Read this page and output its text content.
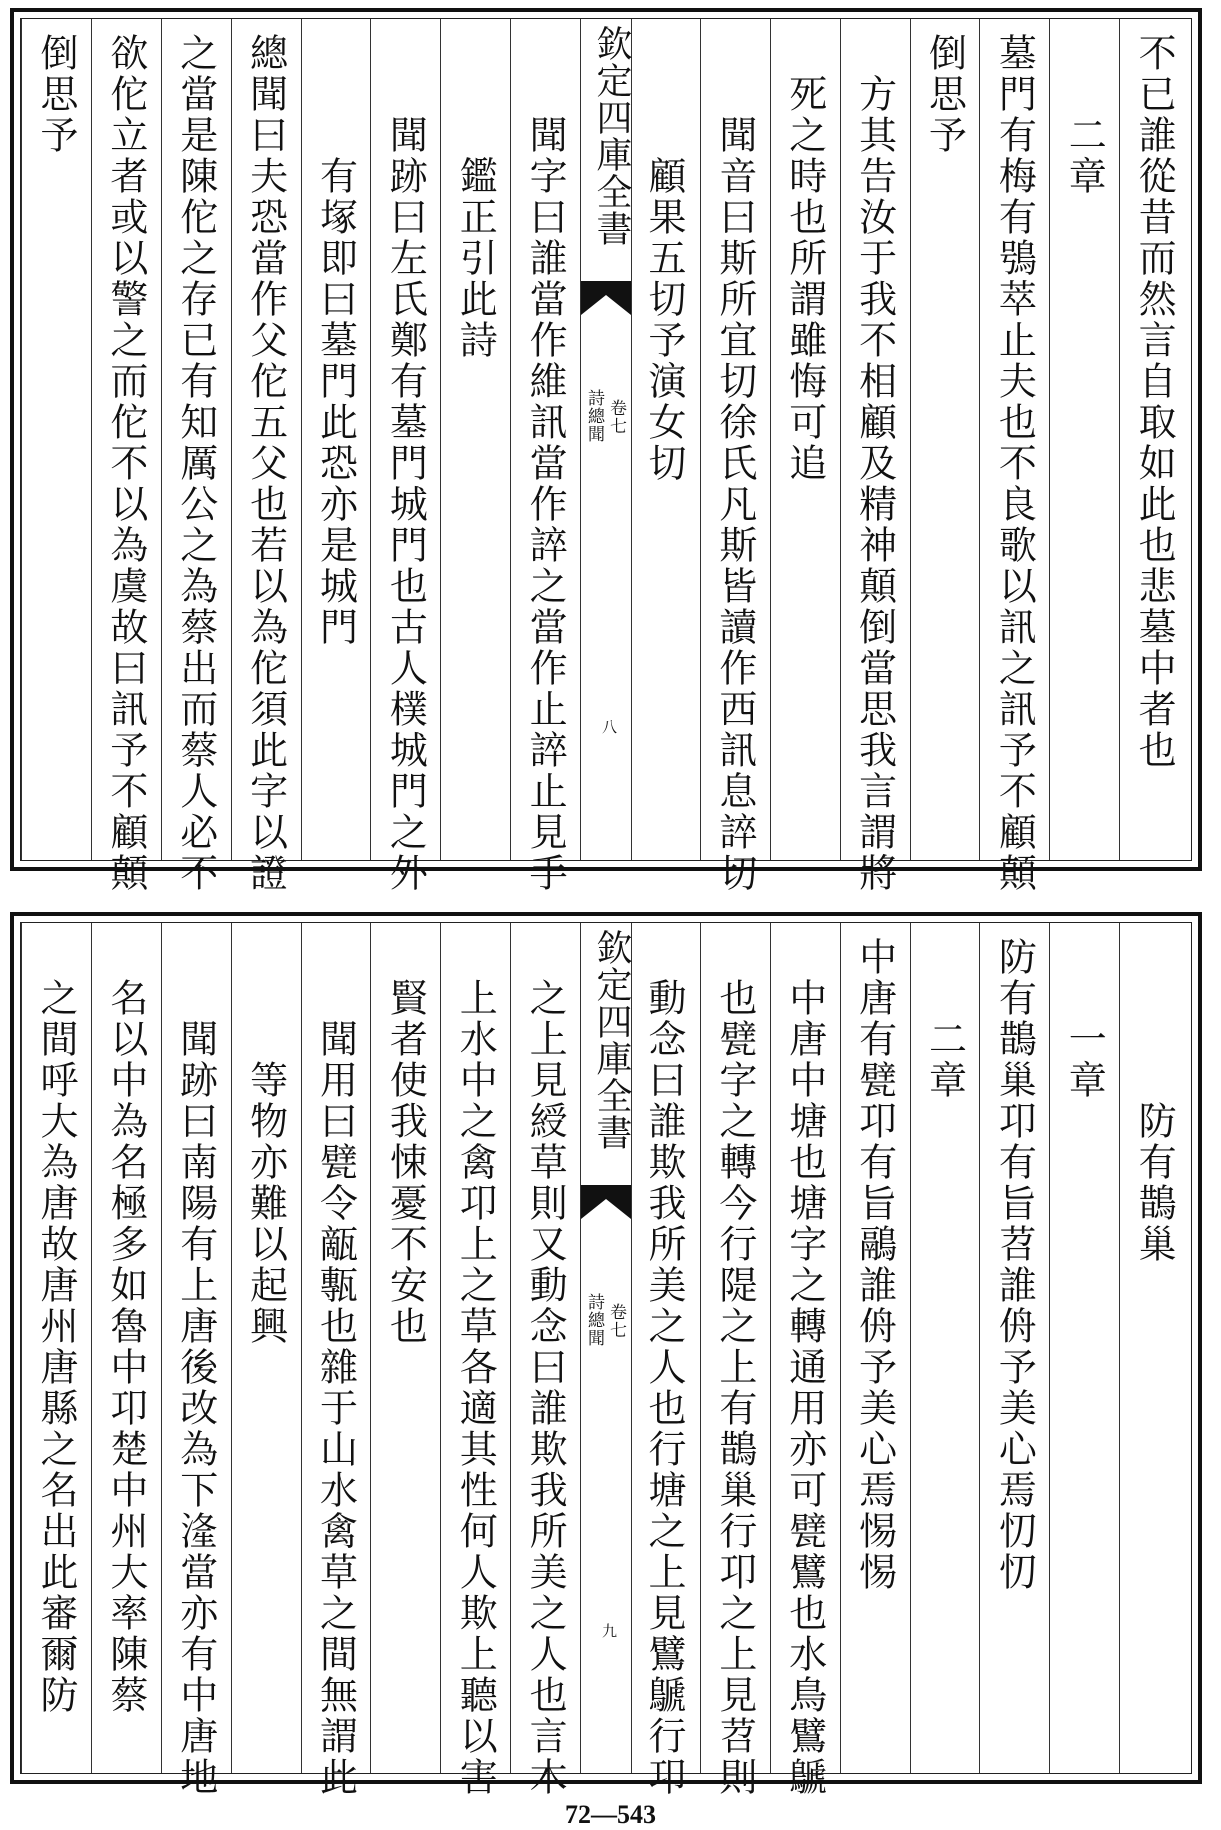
欽定四庫全書
詩總聞 卷七
八	不已誰從昔而然言自取如此也悲墓中者也
二章
墓門有梅有鴞萃止夫也不良歌以訊之訊予不顧顛
倒思予
方其告汝于我不相顧及精神顛倒當思我言謂將
死之時也所謂雖悔可追
聞音曰斯所宜切徐氏凡斯皆讀作西訊息誶切
顧果五切予演女切
聞字曰誰當作維訊當作誶之當作止誶止見手
鑑正引此詩
聞跡曰左氏鄭有墓門城門也古人樸城門之外
有塚即曰墓門此恐亦是城門
總聞曰夫恐當作父佗五父也若以為佗須此字以證
之當是陳佗之存已有知厲公之為蔡出而蔡人必不
欲佗立者或以警之而佗不以為虞故曰訊予不顧顛
倒思予
欽定四庫全書
詩總聞 卷七
九
防有鵲巢
一章
防有鵲巢卭有旨苕誰侜予美心焉忉忉
二章
中唐有甓卭有旨鷊誰侜予美心焉惕惕
中唐中塘也塘字之轉通用亦可甓鷿也水鳥鷿鷈
也甓字之轉今行隄之上有鵲巢行卭之上見苕則
動念曰誰欺我所美之人也行塘之上見鷿鷈行卭
之上見綬草則又動念曰誰欺我所美之人也言木
上水中之禽卭上之草各適其性何人欺上聽以害
賢者使我悚憂不安也
聞用曰甓令甋甎也雜于山水禽草之間無謂此
等物亦難以起興
聞跡曰南陽有上唐後改為下湰當亦有中唐地
名以中為名極多如魯中卭楚中州大率陳蔡
之間呼大為唐故唐州唐縣之名出此審爾防
72—543
